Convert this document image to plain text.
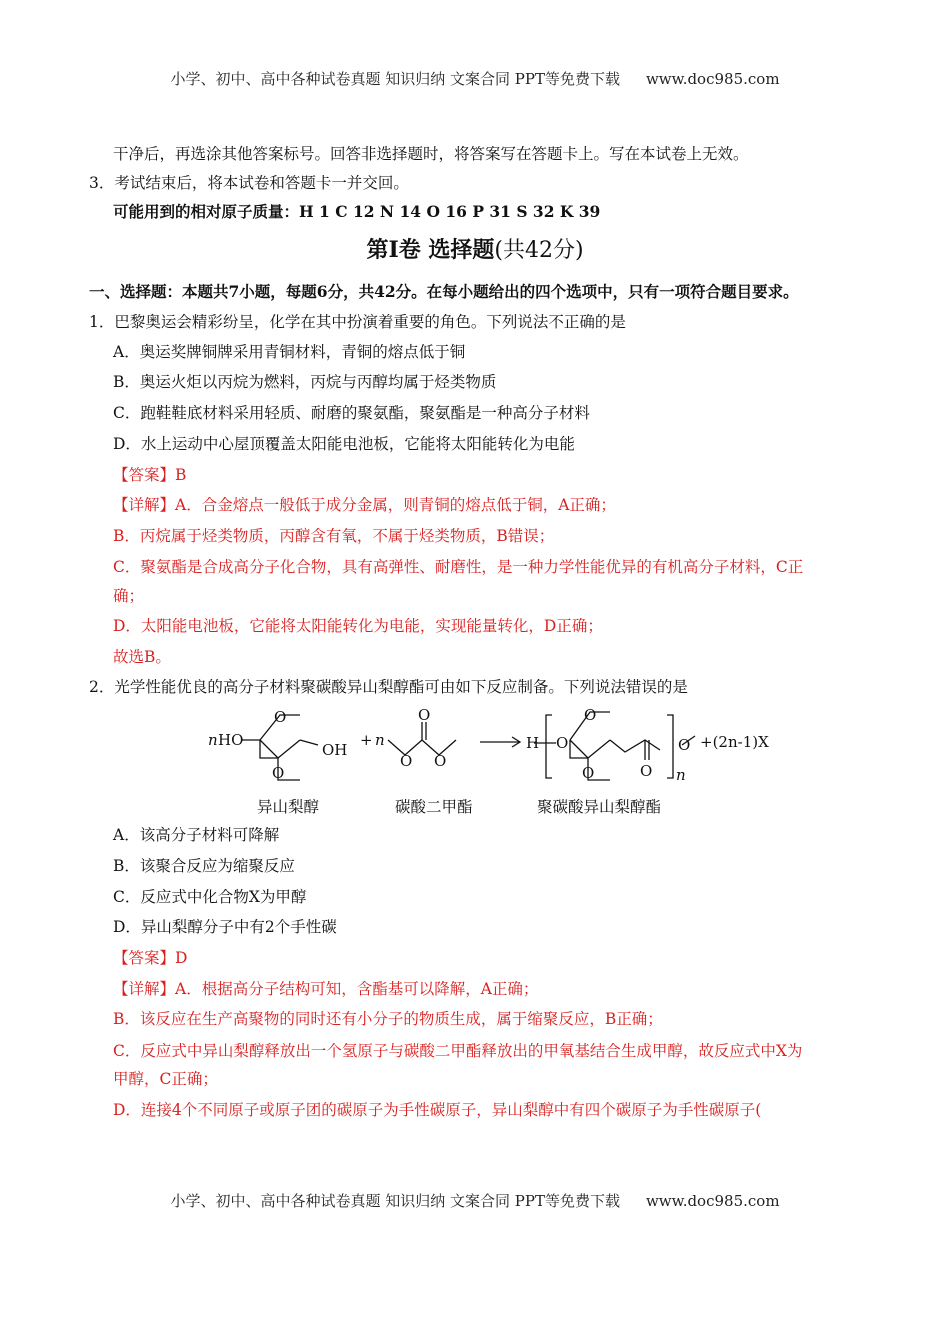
小学、初中、高中各种试卷真题 知识归纳 文案合同 PPT等免费下载 www.doc985.com
干净后，再选涂其他答案标号。回答非选择题时，将答案写在答题卡上。写在本试卷上无效。
3．考试结束后，将本试卷和答题卡一并交回。
可能用到的相对原子质量：H 1 C 12 N 14 O 16 P 31 S 32 K 39
第I卷 选择题(共42分)
一、选择题：本题共7小题，每题6分，共42分。在每小题给出的四个选项中，只有一项符合题目要求。
1．巴黎奥运会精彩纷呈，化学在其中扮演着重要的角色。下列说法不正确的是
A．奥运奖牌铜牌采用青铜材料，青铜的熔点低于铜
B．奥运火炬以丙烷为燃料，丙烷与丙醇均属于烃类物质
C．跑鞋鞋底材料采用轻质、耐磨的聚氨酯，聚氨酯是一种高分子材料
D．水上运动中心屋顶覆盖太阳能电池板，它能将太阳能转化为电能
【答案】B
【详解】A．合金熔点一般低于成分金属，则青铜的熔点低于铜，A正确；
B．丙烷属于烃类物质，丙醇含有氧，不属于烃类物质，B错误；
C．聚氨酯是合成高分子化合物，具有高弹性、耐磨性，是一种力学性能优异的有机高分子材料，C正
确；
D．太阳能电池板，它能将太阳能转化为电能，实现能量转化，D正确；
故选B。
2．光学性能优良的高分子材料聚碳酸异山梨醇酯可由如下反应制备。下列说法错误的是
n HO
O
O
OH
+ n
O
O
O
H O
O
O	O n
O +(2n-1)X
异山梨醇	碳酸二甲酯	聚碳酸异山梨醇酯
A．该高分子材料可降解
B．该聚合反应为缩聚反应
C．反应式中化合物X为甲醇
D．异山梨醇分子中有2个手性碳
【答案】D
【详解】A．根据高分子结构可知，含酯基可以降解，A正确；
B．该反应在生产高聚物的同时还有小分子的物质生成，属于缩聚反应，B正确；
C．反应式中异山梨醇释放出一个氢原子与碳酸二甲酯释放出的甲氧基结合生成甲醇，故反应式中X为
甲醇，C正确；
D．连接4个不同原子或原子团的碳原子为手性碳原子，异山梨醇中有四个碳原子为手性碳原子(
小学、初中、高中各种试卷真题 知识归纳 文案合同 PPT等免费下载 www.doc985.com
